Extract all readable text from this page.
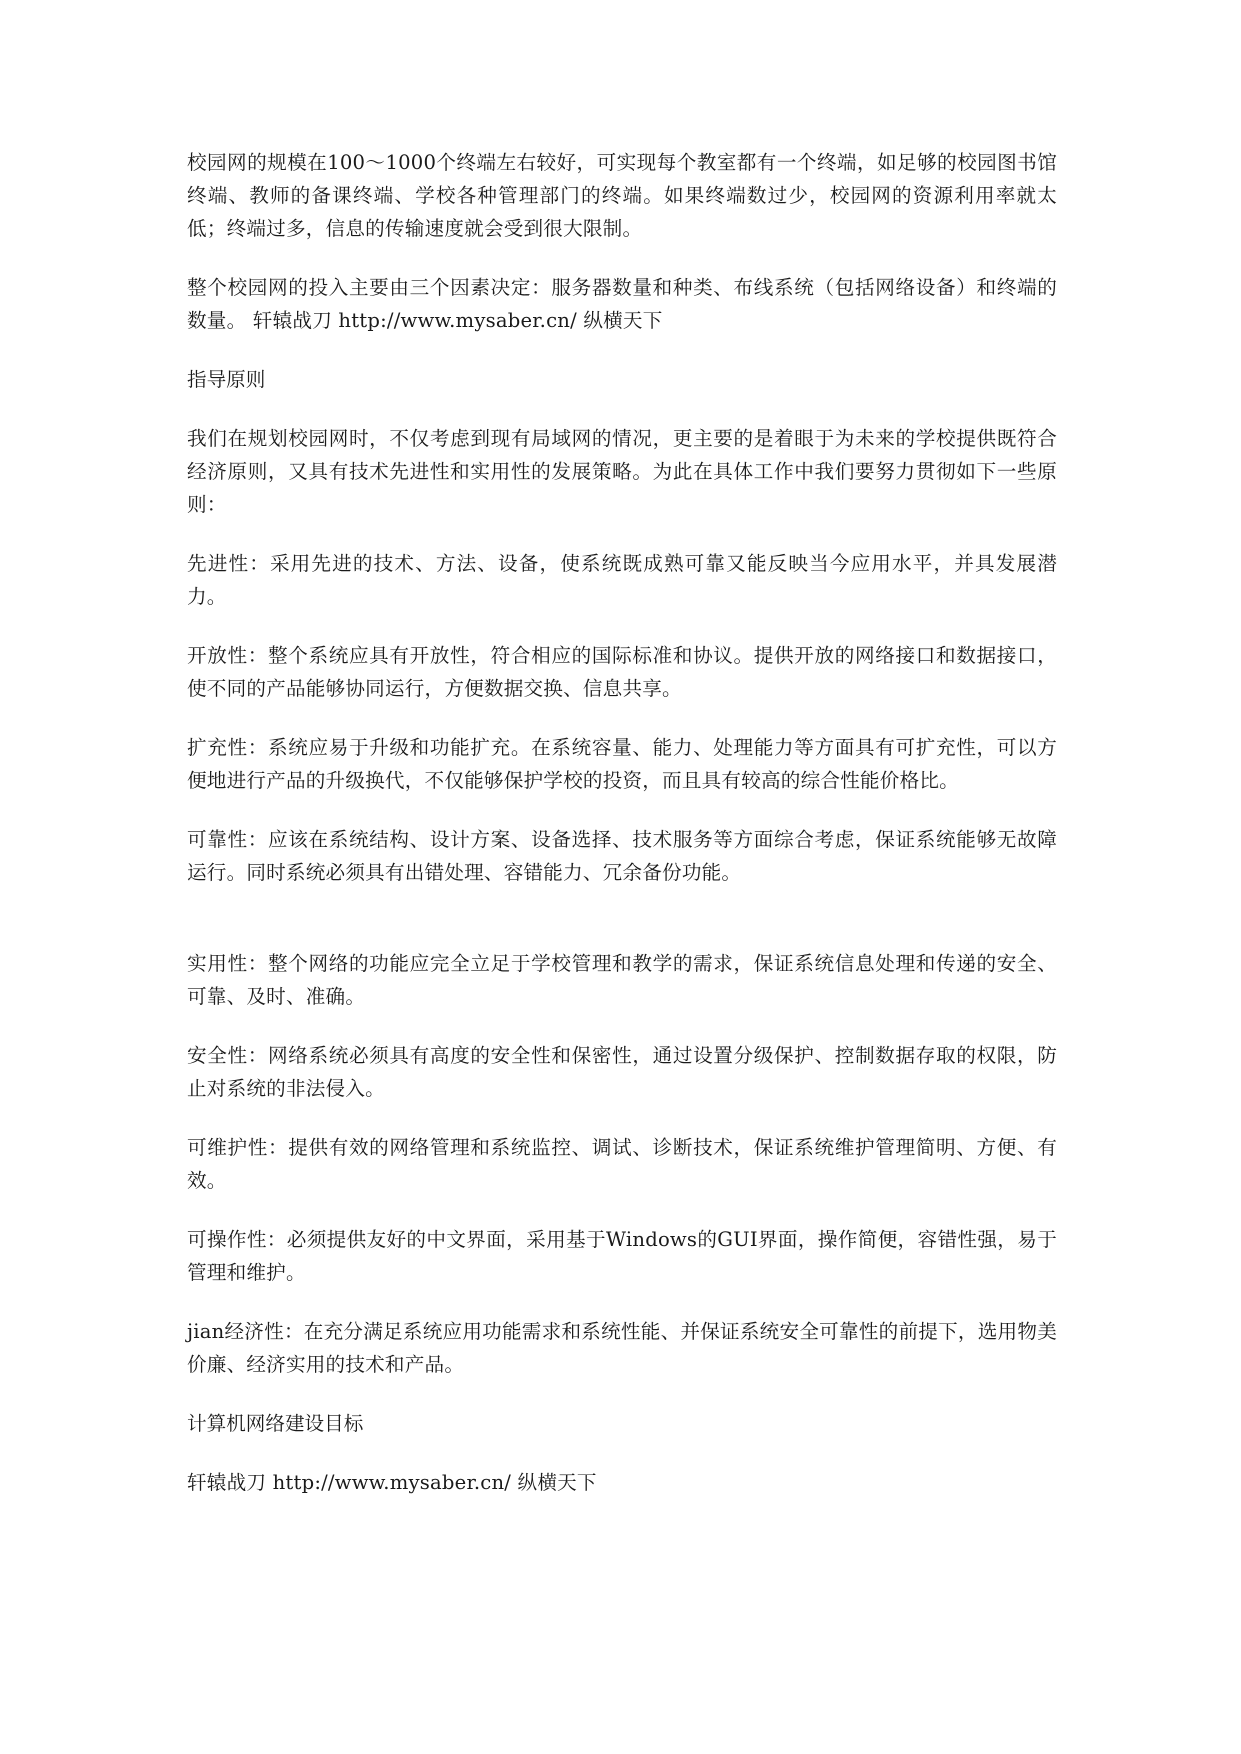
校园网的规模在100～1000个终端左右较好，可实现每个教室都有一个终端，如足够的校园图书馆终端、教师的备课终端、学校各种管理部门的终端。如果终端数过少，校园网的资源利用率就太低；终端过多，信息的传输速度就会受到很大限制。

整个校园网的投入主要由三个因素决定：服务器数量和种类、布线系统（包括网络设备）和终端的数量。 轩辕战刀 http://www.mysaber.cn/ 纵横天下

指导原则

我们在规划校园网时，不仅考虑到现有局域网的情况，更主要的是着眼于为未来的学校提供既符合经济原则，又具有技术先进性和实用性的发展策略。为此在具体工作中我们要努力贯彻如下一些原则：

先进性：采用先进的技术、方法、设备，使系统既成熟可靠又能反映当今应用水平，并具发展潜力。

开放性：整个系统应具有开放性，符合相应的国际标准和协议。提供开放的网络接口和数据接口，使不同的产品能够协同运行，方便数据交换、信息共享。

扩充性：系统应易于升级和功能扩充。在系统容量、能力、处理能力等方面具有可扩充性，可以方便地进行产品的升级换代，不仅能够保护学校的投资，而且具有较高的综合性能价格比。

可靠性：应该在系统结构、设计方案、设备选择、技术服务等方面综合考虑，保证系统能够无故障运行。同时系统必须具有出错处理、容错能力、冗余备份功能。

实用性：整个网络的功能应完全立足于学校管理和教学的需求，保证系统信息处理和传递的安全、可靠、及时、准确。

安全性：网络系统必须具有高度的安全性和保密性，通过设置分级保护、控制数据存取的权限，防止对系统的非法侵入。

可维护性：提供有效的网络管理和系统监控、调试、诊断技术，保证系统维护管理简明、方便、有效。

可操作性：必须提供友好的中文界面，采用基于Windows的GUI界面，操作简便，容错性强，易于管理和维护。

jian经济性：在充分满足系统应用功能需求和系统性能、并保证系统安全可靠性的前提下，选用物美价廉、经济实用的技术和产品。

计算机网络建设目标

轩辕战刀 http://www.mysaber.cn/ 纵横天下
